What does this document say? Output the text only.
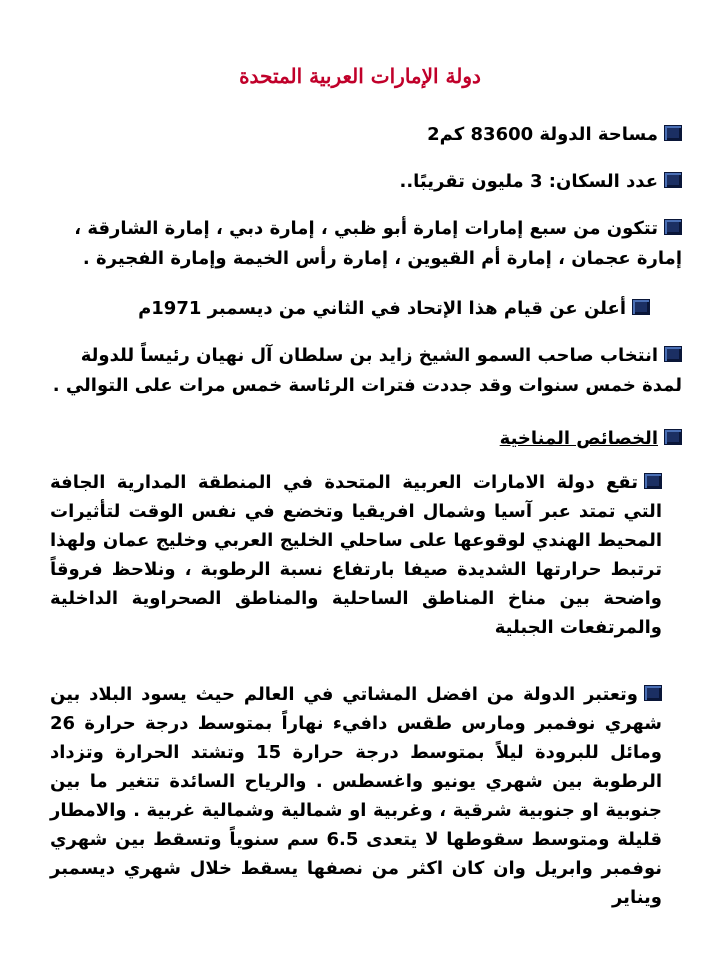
دولة الإمارات العربية المتحدة
مساحة الدولة 83600 كم2
عدد السكان: 3 مليون تقريبًا..
تتكون من سبع إمارات إمارة أبو ظبي ، إمارة دبي ، إمارة الشارقة ، إمارة عجمان ، إمارة أم القيوين ، إمارة رأس الخيمة وإمارة الفجيرة .
أعلن عن قيام هذا الإتحاد في الثاني من ديسمبر 1971م
انتخاب صاحب السمو الشيخ زايد بن سلطان آل نهيان رئيساً للدولة لمدة خمس سنوات وقد جددت فترات الرئاسة خمس مرات على التوالي .
الخصائص المناخية
تقع دولة الامارات العربية المتحدة في المنطقة المدارية الجافة التي تمتد عبر آسيا وشمال افريقيا وتخضع في نفس الوقت لتأثيرات المحيط الهندي لوقوعها على ساحلي الخليج العربي وخليج عمان ولهذا ترتبط حرارتها الشديدة صيفا بارتفاع نسبة الرطوبة ، ونلاحظ فروقاً واضحة بين مناخ المناطق الساحلية والمناطق الصحراوية الداخلية والمرتفعات الجبلية
وتعتبر الدولة من افضل المشاتي في العالم حيث يسود البلاد بين شهري نوفمبر ومارس طقس دافيء نهاراً بمتوسط درجة حرارة 26 ومائل للبرودة ليلاً بمتوسط درجة حرارة 15 وتشتد الحرارة وتزداد الرطوبة بين شهري يونيو واغسطس . والرياح السائدة تتغير ما بين جنوبية او جنوبية شرقية ، وغربية او شمالية وشمالية غربية . والامطار قليلة ومتوسط سقوطها لا يتعدى 6.5 سم سنوياً وتسقط بين شهري نوفمبر وابريل وان كان اكثر من نصفها يسقط خلال شهري ديسمبر ويناير
